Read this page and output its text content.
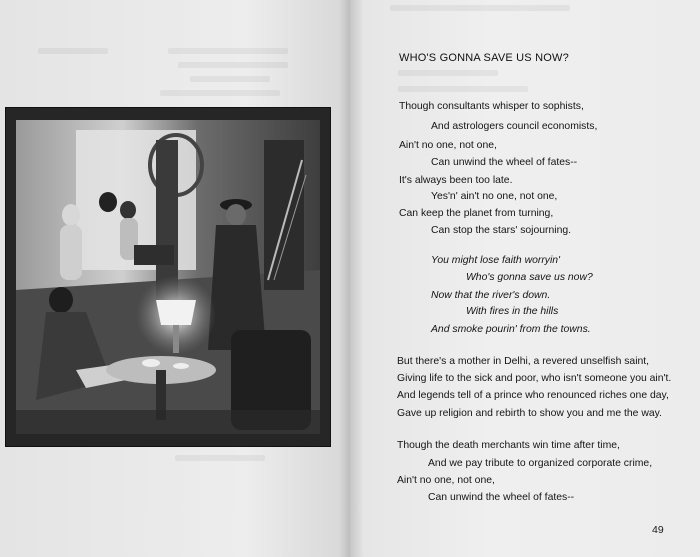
WHO'S GONNA SAVE US NOW?
Though consultants whisper to sophists,
And astrologers council economists,
Ain't no one, not one,
Can unwind the wheel of fates--
It's always been too late.
Yes'n' ain't no one, not one,
Can keep the planet from turning,
Can stop the stars' sojourning.
You might lose faith worryin'
Who's gonna save us now?
Now that the river's down.
With fires in the hills
And smoke pourin' from the towns.
But there's a mother in Delhi, a revered unselfish saint,
Giving life to the sick and poor, who isn't someone you ain't.
And legends tell of a prince who renounced riches one day,
Gave up religion and rebirth to show you and me the way.
Though the death merchants win time after time,
And we pay tribute to organized corporate crime,
Ain't no one, not one,
Can unwind the wheel of fates--
49
